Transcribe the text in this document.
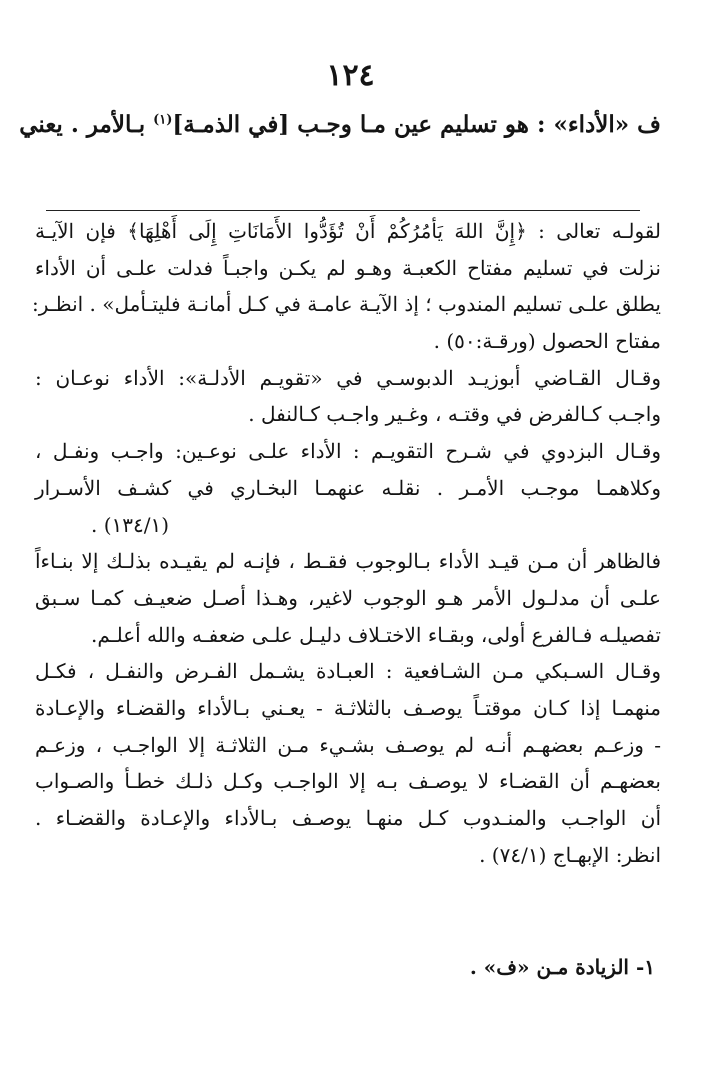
١٢٤
ف «الأداء» : هو تسليم عين مـا وجـب [في الذمـة]$^{(١)}$ بـالأمر . يعني
لقولـه تعالى : ﴿إِنَّ اللهَ يَأمُرُكُمْ أَنْ تُؤَدُّوا الأَمَانَاتِ إِلَى أَهْلِهَا﴾ فإن الآيـة
نزلت في تسليم مفتاح الكعبـة وهـو لم يكـن واجبـاً فدلت علـى أن الأداء
يطلق علـى تسليم المندوب ؛ إذ الآيـة عامـة في كـل أمانـة فليتـأمل» . انظـر:
مفتاح الحصول (ورقـة:٥٠) .
وقـال القـاضي أبوزيـد الدبوسـي في «تقويـم الأدلـة»: الأداء نوعـان :
واجـب كـالفرض في وقتـه ، وغـير واجـب كـالنفل .
وقـال البزدوي في شـرح التقويـم : الأداء علـى نوعـين: واجـب ونفـل ،
وكلاهمـا موجـب الأمـر . نقلـه عنهمـا البخـاري في كشـف الأسـرار
(١٣٤/١) .
فالظاهر أن مـن قيـد الأداء بـالوجوب فقـط ، فإنـه لم يقيـده بذلـك إلا بنـاءاً
علـى أن مدلـول الأمر هـو الوجوب لاغير، وهـذا أصـل ضعيـف كمـا سـبق
تفصيلـه فـالفرع أولى، وبقـاء الاختـلاف دليـل علـى ضعفـه والله أعلـم.
وقـال السـبكي مـن الشـافعية : العبـادة يشـمل الفـرض والنفـل ، فكـل
منهمـا إذا كـان موقتـاً يوصـف بالثلاثـة - يعـني بـالأداء والقضـاء والإعـادة
- وزعـم بعضهـم أنـه لم يوصـف بشـيء مـن الثلاثـة إلا الواجـب ، وزعـم
بعضهـم أن القضـاء لا يوصـف بـه إلا الواجـب وكـل ذلـك خطـأ والصـواب
أن الواجـب والمنـدوب كـل منهـا يوصـف بـالأداء والإعـادة والقضـاء .
انظر: الإبهـاج (٧٤/١) .
١- الزيادة مـن «ف» .
